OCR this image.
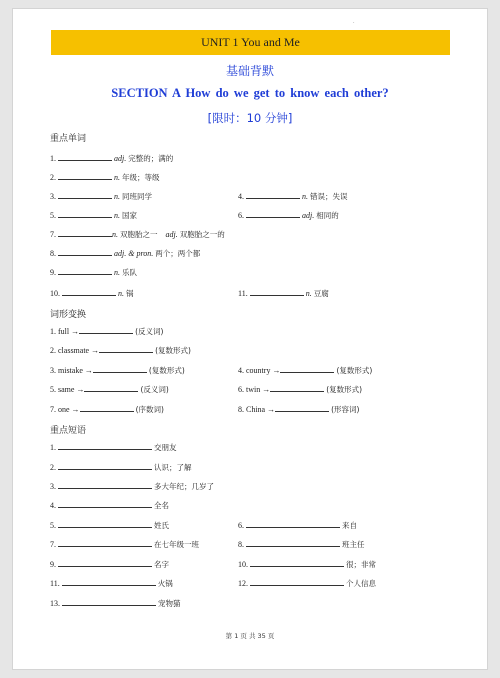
.
UNIT 1 You and Me
基础背默
SECTION A How do we get to know each other?
[限时：10 分钟]
重点单词
1.	adj. 完整的；满的
2.	n. 年级；等级
3.	n. 同班同学	4.	n. 错误；失误
5.	n. 国家	6.	adj. 相同的
7.	n. 双胞胎之一 adj. 双胞胎之一的
8.	adj. & pron. 两个；两个都
9.	n. 乐队
10.	n. 锅	11.	n. 豆腐
词形变换
1. full →	(反义词)
2. classmate →	(复数形式)
3. mistake →	(复数形式)	4. country →	(复数形式)
5. same →	(反义词)	6. twin →	(复数形式)
7. one →	(序数词)	8. China →	(形容词)
重点短语
1.	交朋友
2.	认识；了解
3.	多大年纪；几岁了
4.	全名
5.	姓氏	6.	来自
7.	在七年级一班	8.	班主任
9.	名字	10.	很；非常
11.	火锅	12.	个人信息
13.	宠物猫
第 1 页 共 35 页
